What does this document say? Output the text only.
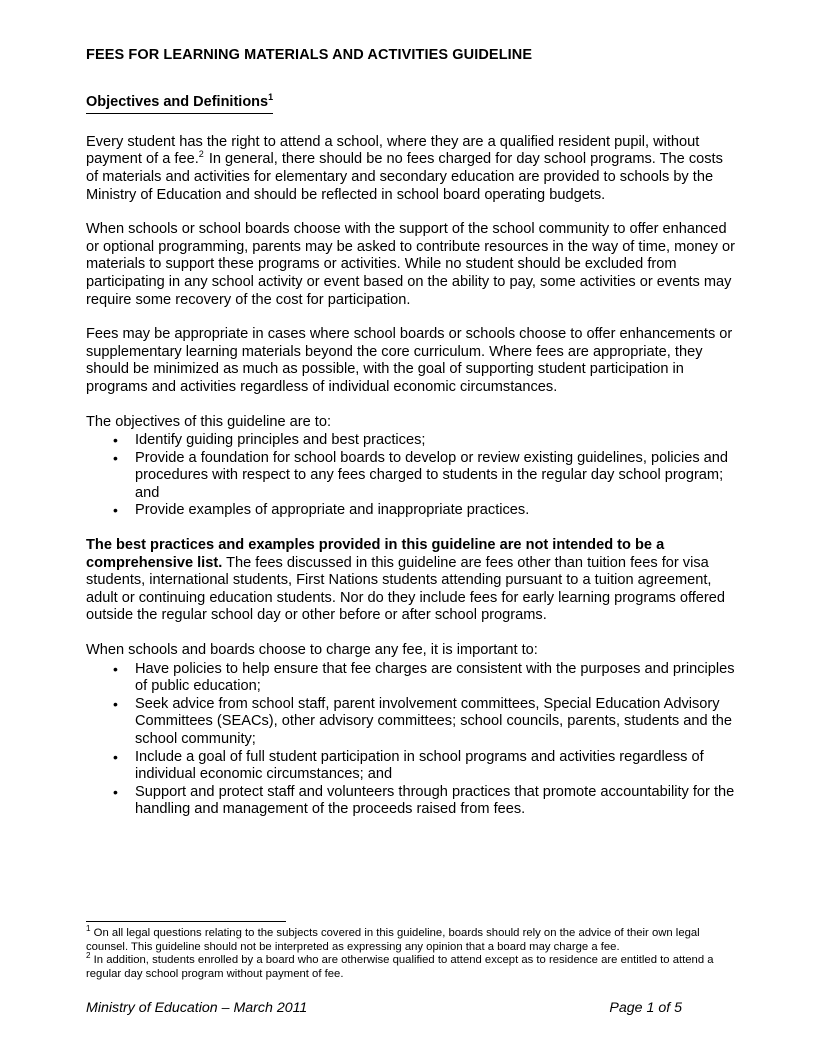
FEES FOR LEARNING MATERIALS AND ACTIVITIES GUIDELINE
Objectives and Definitions$^1$

Every student has the right to attend a school, where they are a qualified resident pupil, without payment of a fee.$^2$ In general, there should be no fees charged for day school programs. The costs of materials and activities for elementary and secondary education are provided to schools by the Ministry of Education and should be reflected in school board operating budgets.

When schools or school boards choose with the support of the school community to offer enhanced or optional programming, parents may be asked to contribute resources in the way of time, money or materials to support these programs or activities. While no student should be excluded from participating in any school activity or event based on the ability to pay, some activities or events may require some recovery of the cost for participation.

Fees may be appropriate in cases where school boards or schools choose to offer enhancements or supplementary learning materials beyond the core curriculum. Where fees are appropriate, they should be minimized as much as possible, with the goal of supporting student participation in programs and activities regardless of individual economic circumstances.

The objectives of this guideline are to:

• Identify guiding principles and best practices;
• Provide a foundation for school boards to develop or review existing guidelines, policies and procedures with respect to any fees charged to students in the regular day school program; and
• Provide examples of appropriate and inappropriate practices.

The best practices and examples provided in this guideline are not intended to be a comprehensive list. The fees discussed in this guideline are fees other than tuition fees for visa students, international students, First Nations students attending pursuant to a tuition agreement, adult or continuing education students. Nor do they include fees for early learning programs offered outside the regular school day or other before or after school programs.

When schools and boards choose to charge any fee, it is important to:

• Have policies to help ensure that fee charges are consistent with the purposes and principles of public education;
• Seek advice from school staff, parent involvement committees, Special Education Advisory Committees (SEACs), other advisory committees; school councils, parents, students and the school community;
• Include a goal of full student participation in school programs and activities regardless of individual economic circumstances; and
• Support and protect staff and volunteers through practices that promote accountability for the handling and management of the proceeds raised from fees.

$^1$ On all legal questions relating to the subjects covered in this guideline, boards should rely on the advice of their own legal counsel. This guideline should not be interpreted as expressing any opinion that a board may charge a fee.

$^2$ In addition, students enrolled by a board who are otherwise qualified to attend except as to residence are entitled to attend a regular day school program without payment of fee.

Ministry of Education – March 2011	Page 1 of 5
